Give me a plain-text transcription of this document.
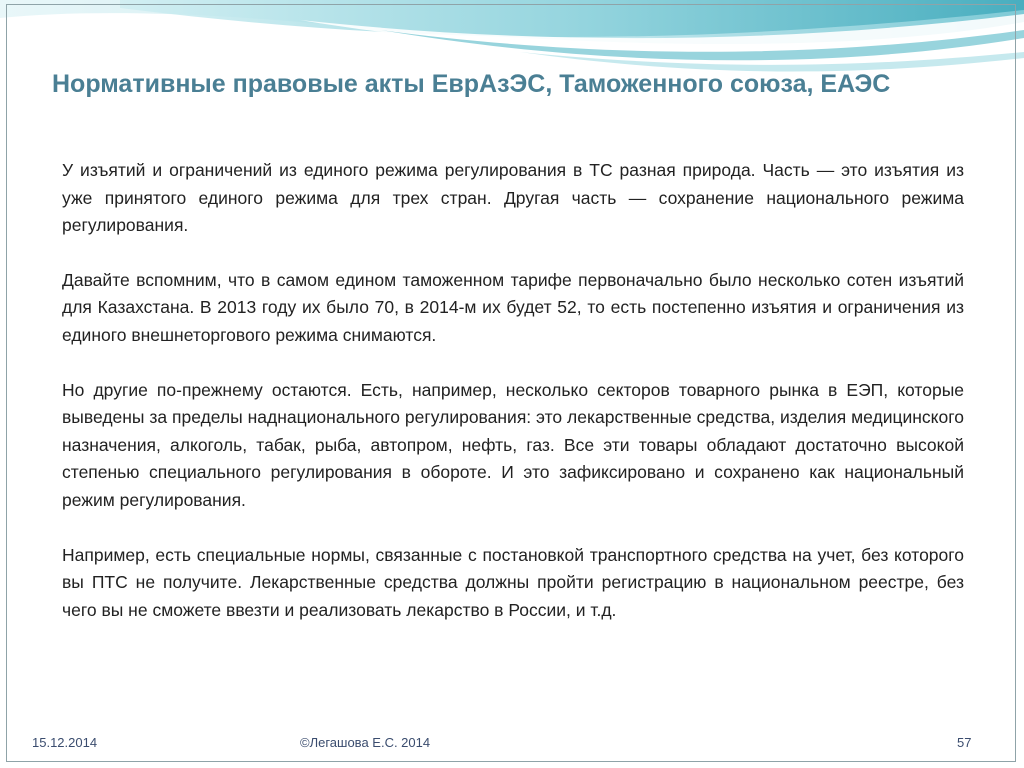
Нормативные правовые акты ЕврАзЭС, Таможенного союза, ЕАЭС

У изъятий и ограничений из единого режима регулирования в ТС разная природа. Часть — это изъятия из уже принятого единого режима для трех стран. Другая часть — сохранение национального режима регулирования.

Давайте вспомним, что в самом едином таможенном тарифе первоначально было несколько сотен изъятий для Казахстана. В 2013 году их было 70, в 2014-м их будет 52, то есть постепенно изъятия и ограничения из единого внешнеторгового режима снимаются.

Но другие по-прежнему остаются. Есть, например, несколько секторов товарного рынка в ЕЭП, которые выведены за пределы наднационального регулирования: это лекарственные средства, изделия медицинского назначения, алкоголь, табак, рыба, автопром, нефть, газ. Все эти товары обладают достаточно высокой степенью специального регулирования в обороте. И это зафиксировано и сохранено как национальный режим регулирования.

Например, есть специальные нормы, связанные с постановкой транспортного средства на учет, без которого вы ПТС не получите. Лекарственные средства должны пройти регистрацию в национальном реестре, без чего вы не сможете ввезти и реализовать лекарство в России, и т.д.

15.12.2014	©Легашова Е.С. 2014	57
